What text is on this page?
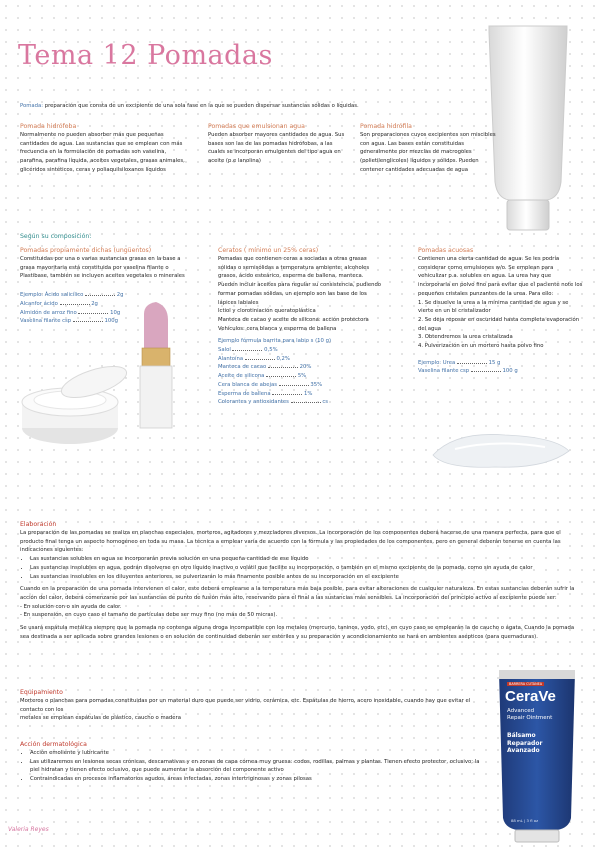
Tema 12 Pomadas
Pomada: preparación que consta de un excipiente de una sola fase en la que se pueden dispersar sustancias sólidas o líquidas.
Pomada hidrófoba
Normalmente no pueden absorber más que pequeñas cantidades de agua. Las sustancias que se emplean con más frecuencia en la formulación de pomadas son vaselina, parafina, parafina líquida, aceites vegetales, grasas animales, glicéridos sintéticos, ceras y poliaquilsiloxanos líquidos
Pomadas que emulsionan agua
Pueden absorber mayores cantidades de agua. Sus bases son las de las pomadas hidrófobas, a las cuales se incorporan emulgentes del tipo agua en aceite (p.e lanolina)
Pomada hidrófila
Son preparaciones cuyos excipientes son miscibles con agua. Las bases están constituidas generalmente por mezclas de macrogoles (polietilenglicoles) líquidos y sólidos. Pueden contener cantidades adecuadas de agua
Según su composición:
Pomadas propiamente dichas (ungüentos)
Constituidas por una o varias sustancias grasas en la base a grasa mayoritaria está constituida por vaselina filante o Plastibase, también se incluyen aceites vegetales o minerales
Ejemplo: Ácido salicílico	2g
Alcanfor ácido	2g
Almidón de arroz fino	10g
Vaselina filante csp	100g
Ceratos ( mínimo un 25% ceras)
Pomadas que contienen ceras a sociadas a otras grasas sólidas o semisólidas a temperatura ambiente: alcoholes grasos, ácido esteárico, esperma de ballena, manteca. Pueden incluir aceites para regular su consistencia, pudiendo formar pomadas sólidas, un ejemplo son las base de los lápices labiales
Ictiol y clorotiniación queratoplástica
Manteca de cacao y aceite de silicona: acción protectora
Vehículos: cera blanca y esperma de ballena
Ejemplo fórmula barrita para labio s (10 g)
Salol	0,5%
Alantoína	0,2%
Manteca de cacao	20%
Aceite de silicona	5%
Cera blanca de abejas	35%
Esperma de ballena	1%
Colorantes y antioxidantes	cs
Pomadas acuosas
Contienen una cierta cantidad de agua. Se les podría considerar como emulsiones w/o. Se emplean para vehiculizar p.a. solubles en agua. La urea hay que incorporarla en polvo fino para evitar que el paciente note los pequeños cristales punzantes de la urea. Para ello:
1. Se disuelve la urea a la mínima cantidad de agua y se vierte en un bl cristalizador
2. Se deja reposar en oscuridad hasta completa evaporación del agua
3. Obtendremos la urea cristalizada
4. Pulverización en un mortero hasta polvo fino
Ejemplo: Urea	15 g
Vaselina filante csp	100 g
Elaboración
La preparación de las pomadas se realiza en planchas especiales, morteros, agitadores y mezcladores diversos. La incorporación de los componentes deberá hacerse de una manera perfecta, para que el producto final tenga un aspecto homogéneo en toda su masa. La técnica a emplear varía de acuerdo con la fórmula y las propiedades de los componentes, pero en general deberán tenerse en cuenta las indicaciones siguientes:
• Las sustancias solubles en agua se incorporarán previa solución en una pequeña cantidad de ese líquido
• Las sustancias insolubles en agua, podrán disolverse en otro líquido inactivo o volátil que facilite su incorporación, o también en el mismo excipiente de la pomada, como sin ayuda de calor
• Las sustancias insolubles en los diluyentes anteriores, se pulverizarán lo más finamente posible antes de su incorporación en el excipiente
Cuando en la preparación de una pomada intervienen el calor, este deberá emplearse a la temperatura más baja posible, para evitar alteraciones de cualquier naturaleza. En estas sustancias deberán sufrir la acción del calor, deberá comenzarse por las sustancias de punto de fusión más alto, reservando para el final a las sustancias más sensibles. La incorporación del principio activo al excipiente puede ser:
- En solución con o sin ayuda de calor.
- En suspensión, en cuyo caso el tamaño de partículas debe ser muy fino (no más de 50 micras).
Se usará espátula metálica siempre que la pomada no contenga alguna droga incompatible con los metales (mercurio, taninos, yodo, etc), en cuyo caso se emplearán la de caucho o ágata. Cuando la pomada sea destinada a ser aplicada sobre grandes lesiones o en solución de continuidad deberán ser estériles y su preparación y acondicionamiento se hará en ambientes asépticos (para quemaduras).
Equipamiento
Morteros o planchas para pomadas constituidas por un material duro que puede ser vidrio, cerámica, etc. Espátulas de hierro, acero inoxidable, cuando hay que evitar el contacto con los
metales se emplean espátulas de plástico, caucho o madera
Acción dermatológica
• Acción emoliente y lubricante
• Las utilizaremos en lesiones secas crónicas, descamativas y en zonas de capa córnea muy gruesa: codos, rodillas, palmas y plantas. Tienen efecto protector, oclusivo; la piel hidratan y tienen efecto oclusivo, que puede aumentar la absorción del componente activo
• Contraindicadas en procesos inflamatorios agudos, áreas infectadas, zonas intertriginosas y zonas pilosas
BARRERA CUTÁNEA
CeraVe
Advanced
Repair Ointment
Bálsamo
Reparador
Avanzado
88 mL | 3 fl oz
Valeria Reyes
